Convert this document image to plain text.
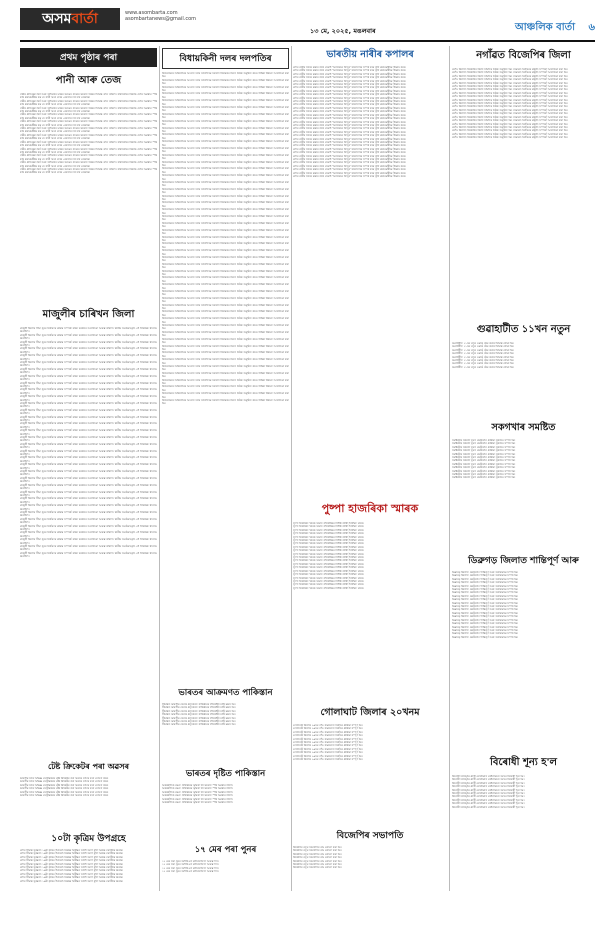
অসমবাৰ্তা	www.asombarta.com
asombartanews@gmail.com
১৩ মে, ২০২৫, মঙলবাৰ	আঞ্চলিক বাৰ্তা ৬
প্ৰথম পৃষ্ঠাৰ পৰা
পানী আৰু তেজ
গভীৰ প্ৰতিৰক্ষা ধৈৰ্য আৰু অহিংসাৰ মাজৰ সংযমৰ পথেৰে ভাৰতে নিজৰ সিদ্ধান্ত গ্ৰহণ কৰিছে। সন্ত্ৰাসবাদৰ বিৰুদ্ধে দেশৰ অৱস্থান স্পষ্ট কৰি প্ৰধানমন্ত্ৰীয়ে কয় যে পানী আৰু তেজ একেলগে বৈ যাব নোৱাৰে।
গভীৰ প্ৰতিৰক্ষা ধৈৰ্য আৰু অহিংসাৰ মাজৰ সংযমৰ পথেৰে ভাৰতে নিজৰ সিদ্ধান্ত গ্ৰহণ কৰিছে। সন্ত্ৰাসবাদৰ বিৰুদ্ধে দেশৰ অৱস্থান স্পষ্ট কৰি প্ৰধানমন্ত্ৰীয়ে কয় যে পানী আৰু তেজ একেলগে বৈ যাব নোৱাৰে।
গভীৰ প্ৰতিৰক্ষা ধৈৰ্য আৰু অহিংসাৰ মাজৰ সংযমৰ পথেৰে ভাৰতে নিজৰ সিদ্ধান্ত গ্ৰহণ কৰিছে। সন্ত্ৰাসবাদৰ বিৰুদ্ধে দেশৰ অৱস্থান স্পষ্ট কৰি প্ৰধানমন্ত্ৰীয়ে কয় যে পানী আৰু তেজ একেলগে বৈ যাব নোৱাৰে।
গভীৰ প্ৰতিৰক্ষা ধৈৰ্য আৰু অহিংসাৰ মাজৰ সংযমৰ পথেৰে ভাৰতে নিজৰ সিদ্ধান্ত গ্ৰহণ কৰিছে। সন্ত্ৰাসবাদৰ বিৰুদ্ধে দেশৰ অৱস্থান স্পষ্ট কৰি প্ৰধানমন্ত্ৰীয়ে কয় যে পানী আৰু তেজ একেলগে বৈ যাব নোৱাৰে।
গভীৰ প্ৰতিৰক্ষা ধৈৰ্য আৰু অহিংসাৰ মাজৰ সংযমৰ পথেৰে ভাৰতে নিজৰ সিদ্ধান্ত গ্ৰহণ কৰিছে। সন্ত্ৰাসবাদৰ বিৰুদ্ধে দেশৰ অৱস্থান স্পষ্ট কৰি প্ৰধানমন্ত্ৰীয়ে কয় যে পানী আৰু তেজ একেলগে বৈ যাব নোৱাৰে।
গভীৰ প্ৰতিৰক্ষা ধৈৰ্য আৰু অহিংসাৰ মাজৰ সংযমৰ পথেৰে ভাৰতে নিজৰ সিদ্ধান্ত গ্ৰহণ কৰিছে। সন্ত্ৰাসবাদৰ বিৰুদ্ধে দেশৰ অৱস্থান স্পষ্ট কৰি প্ৰধানমন্ত্ৰীয়ে কয় যে পানী আৰু তেজ একেলগে বৈ যাব নোৱাৰে।
গভীৰ প্ৰতিৰক্ষা ধৈৰ্য আৰু অহিংসাৰ মাজৰ সংযমৰ পথেৰে ভাৰতে নিজৰ সিদ্ধান্ত গ্ৰহণ কৰিছে। সন্ত্ৰাসবাদৰ বিৰুদ্ধে দেশৰ অৱস্থান স্পষ্ট কৰি প্ৰধানমন্ত্ৰীয়ে কয় যে পানী আৰু তেজ একেলগে বৈ যাব নোৱাৰে।
গভীৰ প্ৰতিৰক্ষা ধৈৰ্য আৰু অহিংসাৰ মাজৰ সংযমৰ পথেৰে ভাৰতে নিজৰ সিদ্ধান্ত গ্ৰহণ কৰিছে। সন্ত্ৰাসবাদৰ বিৰুদ্ধে দেশৰ অৱস্থান স্পষ্ট কৰি প্ৰধানমন্ত্ৰীয়ে কয় যে পানী আৰু তেজ একেলগে বৈ যাব নোৱাৰে।
গভীৰ প্ৰতিৰক্ষা ধৈৰ্য আৰু অহিংসাৰ মাজৰ সংযমৰ পথেৰে ভাৰতে নিজৰ সিদ্ধান্ত গ্ৰহণ কৰিছে। সন্ত্ৰাসবাদৰ বিৰুদ্ধে দেশৰ অৱস্থান স্পষ্ট কৰি প্ৰধানমন্ত্ৰীয়ে কয় যে পানী আৰু তেজ একেলগে বৈ যাব নোৱাৰে।
গভীৰ প্ৰতিৰক্ষা ধৈৰ্য আৰু অহিংসাৰ মাজৰ সংযমৰ পথেৰে ভাৰতে নিজৰ সিদ্ধান্ত গ্ৰহণ কৰিছে। সন্ত্ৰাসবাদৰ বিৰুদ্ধে দেশৰ অৱস্থান স্পষ্ট কৰি প্ৰধানমন্ত্ৰীয়ে কয় যে পানী আৰু তেজ একেলগে বৈ যাব নোৱাৰে।
গভীৰ প্ৰতিৰক্ষা ধৈৰ্য আৰু অহিংসাৰ মাজৰ সংযমৰ পথেৰে ভাৰতে নিজৰ সিদ্ধান্ত গ্ৰহণ কৰিছে। সন্ত্ৰাসবাদৰ বিৰুদ্ধে দেশৰ অৱস্থান স্পষ্ট কৰি প্ৰধানমন্ত্ৰীয়ে কয় যে পানী আৰু তেজ একেলগে বৈ যাব নোৱাৰে।
গভীৰ প্ৰতিৰক্ষা ধৈৰ্য আৰু অহিংসাৰ মাজৰ সংযমৰ পথেৰে ভাৰতে নিজৰ সিদ্ধান্ত গ্ৰহণ কৰিছে। সন্ত্ৰাসবাদৰ বিৰুদ্ধে দেশৰ অৱস্থান স্পষ্ট কৰি প্ৰধানমন্ত্ৰীয়ে কয় যে পানী আৰু তেজ একেলগে বৈ যাব নোৱাৰে।
মাজুলীৰ চাৰিখন জিলা
মাজুলী জিলাৰ সীমা পুনৰ নিৰ্ধাৰণৰ প্ৰস্তাৱ সম্পৰ্কে ৰাজ্য চৰকাৰে আলোচনা আৰম্ভ কৰিছে। স্থানীয় সংগঠনসমূহে এই সিদ্ধান্তক স্বাগতম জনাইছে।
মাজুলী জিলাৰ সীমা পুনৰ নিৰ্ধাৰণৰ প্ৰস্তাৱ সম্পৰ্কে ৰাজ্য চৰকাৰে আলোচনা আৰম্ভ কৰিছে। স্থানীয় সংগঠনসমূহে এই সিদ্ধান্তক স্বাগতম জনাইছে।
মাজুলী জিলাৰ সীমা পুনৰ নিৰ্ধাৰণৰ প্ৰস্তাৱ সম্পৰ্কে ৰাজ্য চৰকাৰে আলোচনা আৰম্ভ কৰিছে। স্থানীয় সংগঠনসমূহে এই সিদ্ধান্তক স্বাগতম জনাইছে।
মাজুলী জিলাৰ সীমা পুনৰ নিৰ্ধাৰণৰ প্ৰস্তাৱ সম্পৰ্কে ৰাজ্য চৰকাৰে আলোচনা আৰম্ভ কৰিছে। স্থানীয় সংগঠনসমূহে এই সিদ্ধান্তক স্বাগতম জনাইছে।
মাজুলী জিলাৰ সীমা পুনৰ নিৰ্ধাৰণৰ প্ৰস্তাৱ সম্পৰ্কে ৰাজ্য চৰকাৰে আলোচনা আৰম্ভ কৰিছে। স্থানীয় সংগঠনসমূহে এই সিদ্ধান্তক স্বাগতম জনাইছে।
মাজুলী জিলাৰ সীমা পুনৰ নিৰ্ধাৰণৰ প্ৰস্তাৱ সম্পৰ্কে ৰাজ্য চৰকাৰে আলোচনা আৰম্ভ কৰিছে। স্থানীয় সংগঠনসমূহে এই সিদ্ধান্তক স্বাগতম জনাইছে।
মাজুলী জিলাৰ সীমা পুনৰ নিৰ্ধাৰণৰ প্ৰস্তাৱ সম্পৰ্কে ৰাজ্য চৰকাৰে আলোচনা আৰম্ভ কৰিছে। স্থানীয় সংগঠনসমূহে এই সিদ্ধান্তক স্বাগতম জনাইছে।
মাজুলী জিলাৰ সীমা পুনৰ নিৰ্ধাৰণৰ প্ৰস্তাৱ সম্পৰ্কে ৰাজ্য চৰকাৰে আলোচনা আৰম্ভ কৰিছে। স্থানীয় সংগঠনসমূহে এই সিদ্ধান্তক স্বাগতম জনাইছে।
মাজুলী জিলাৰ সীমা পুনৰ নিৰ্ধাৰণৰ প্ৰস্তাৱ সম্পৰ্কে ৰাজ্য চৰকাৰে আলোচনা আৰম্ভ কৰিছে। স্থানীয় সংগঠনসমূহে এই সিদ্ধান্তক স্বাগতম জনাইছে।
মাজুলী জিলাৰ সীমা পুনৰ নিৰ্ধাৰণৰ প্ৰস্তাৱ সম্পৰ্কে ৰাজ্য চৰকাৰে আলোচনা আৰম্ভ কৰিছে। স্থানীয় সংগঠনসমূহে এই সিদ্ধান্তক স্বাগতম জনাইছে।
মাজুলী জিলাৰ সীমা পুনৰ নিৰ্ধাৰণৰ প্ৰস্তাৱ সম্পৰ্কে ৰাজ্য চৰকাৰে আলোচনা আৰম্ভ কৰিছে। স্থানীয় সংগঠনসমূহে এই সিদ্ধান্তক স্বাগতম জনাইছে।
মাজুলী জিলাৰ সীমা পুনৰ নিৰ্ধাৰণৰ প্ৰস্তাৱ সম্পৰ্কে ৰাজ্য চৰকাৰে আলোচনা আৰম্ভ কৰিছে। স্থানীয় সংগঠনসমূহে এই সিদ্ধান্তক স্বাগতম জনাইছে।
মাজুলী জিলাৰ সীমা পুনৰ নিৰ্ধাৰণৰ প্ৰস্তাৱ সম্পৰ্কে ৰাজ্য চৰকাৰে আলোচনা আৰম্ভ কৰিছে। স্থানীয় সংগঠনসমূহে এই সিদ্ধান্তক স্বাগতম জনাইছে।
মাজুলী জিলাৰ সীমা পুনৰ নিৰ্ধাৰণৰ প্ৰস্তাৱ সম্পৰ্কে ৰাজ্য চৰকাৰে আলোচনা আৰম্ভ কৰিছে। স্থানীয় সংগঠনসমূহে এই সিদ্ধান্তক স্বাগতম জনাইছে।
মাজুলী জিলাৰ সীমা পুনৰ নিৰ্ধাৰণৰ প্ৰস্তাৱ সম্পৰ্কে ৰাজ্য চৰকাৰে আলোচনা আৰম্ভ কৰিছে। স্থানীয় সংগঠনসমূহে এই সিদ্ধান্তক স্বাগতম জনাইছে।
মাজুলী জিলাৰ সীমা পুনৰ নিৰ্ধাৰণৰ প্ৰস্তাৱ সম্পৰ্কে ৰাজ্য চৰকাৰে আলোচনা আৰম্ভ কৰিছে। স্থানীয় সংগঠনসমূহে এই সিদ্ধান্তক স্বাগতম জনাইছে।
মাজুলী জিলাৰ সীমা পুনৰ নিৰ্ধাৰণৰ প্ৰস্তাৱ সম্পৰ্কে ৰাজ্য চৰকাৰে আলোচনা আৰম্ভ কৰিছে। স্থানীয় সংগঠনসমূহে এই সিদ্ধান্তক স্বাগতম জনাইছে।
মাজুলী জিলাৰ সীমা পুনৰ নিৰ্ধাৰণৰ প্ৰস্তাৱ সম্পৰ্কে ৰাজ্য চৰকাৰে আলোচনা আৰম্ভ কৰিছে। স্থানীয় সংগঠনসমূহে এই সিদ্ধান্তক স্বাগতম জনাইছে।
মাজুলী জিলাৰ সীমা পুনৰ নিৰ্ধাৰণৰ প্ৰস্তাৱ সম্পৰ্কে ৰাজ্য চৰকাৰে আলোচনা আৰম্ভ কৰিছে। স্থানীয় সংগঠনসমূহে এই সিদ্ধান্তক স্বাগতম জনাইছে।
মাজুলী জিলাৰ সীমা পুনৰ নিৰ্ধাৰণৰ প্ৰস্তাৱ সম্পৰ্কে ৰাজ্য চৰকাৰে আলোচনা আৰম্ভ কৰিছে। স্থানীয় সংগঠনসমূহে এই সিদ্ধান্তক স্বাগতম জনাইছে।
মাজুলী জিলাৰ সীমা পুনৰ নিৰ্ধাৰণৰ প্ৰস্তাৱ সম্পৰ্কে ৰাজ্য চৰকাৰে আলোচনা আৰম্ভ কৰিছে। স্থানীয় সংগঠনসমূহে এই সিদ্ধান্তক স্বাগতম জনাইছে।
মাজুলী জিলাৰ সীমা পুনৰ নিৰ্ধাৰণৰ প্ৰস্তাৱ সম্পৰ্কে ৰাজ্য চৰকাৰে আলোচনা আৰম্ভ কৰিছে। স্থানীয় সংগঠনসমূহে এই সিদ্ধান্তক স্বাগতম জনাইছে।
মাজুলী জিলাৰ সীমা পুনৰ নিৰ্ধাৰণৰ প্ৰস্তাৱ সম্পৰ্কে ৰাজ্য চৰকাৰে আলোচনা আৰম্ভ কৰিছে। স্থানীয় সংগঠনসমূহে এই সিদ্ধান্তক স্বাগতম জনাইছে।
মাজুলী জিলাৰ সীমা পুনৰ নিৰ্ধাৰণৰ প্ৰস্তাৱ সম্পৰ্কে ৰাজ্য চৰকাৰে আলোচনা আৰম্ভ কৰিছে। স্থানীয় সংগঠনসমূহে এই সিদ্ধান্তক স্বাগতম জনাইছে।
মাজুলী জিলাৰ সীমা পুনৰ নিৰ্ধাৰণৰ প্ৰস্তাৱ সম্পৰ্কে ৰাজ্য চৰকাৰে আলোচনা আৰম্ভ কৰিছে। স্থানীয় সংগঠনসমূহে এই সিদ্ধান্তক স্বাগতম জনাইছে।
মাজুলী জিলাৰ সীমা পুনৰ নিৰ্ধাৰণৰ প্ৰস্তাৱ সম্পৰ্কে ৰাজ্য চৰকাৰে আলোচনা আৰম্ভ কৰিছে। স্থানীয় সংগঠনসমূহে এই সিদ্ধান্তক স্বাগতম জনাইছে।
মাজুলী জিলাৰ সীমা পুনৰ নিৰ্ধাৰণৰ প্ৰস্তাৱ সম্পৰ্কে ৰাজ্য চৰকাৰে আলোচনা আৰম্ভ কৰিছে। স্থানীয় সংগঠনসমূহে এই সিদ্ধান্তক স্বাগতম জনাইছে।
মাজুলী জিলাৰ সীমা পুনৰ নিৰ্ধাৰণৰ প্ৰস্তাৱ সম্পৰ্কে ৰাজ্য চৰকাৰে আলোচনা আৰম্ভ কৰিছে। স্থানীয় সংগঠনসমূহে এই সিদ্ধান্তক স্বাগতম জনাইছে।
মাজুলী জিলাৰ সীমা পুনৰ নিৰ্ধাৰণৰ প্ৰস্তাৱ সম্পৰ্কে ৰাজ্য চৰকাৰে আলোচনা আৰম্ভ কৰিছে। স্থানীয় সংগঠনসমূহে এই সিদ্ধান্তক স্বাগতম জনাইছে।
মাজুলী জিলাৰ সীমা পুনৰ নিৰ্ধাৰণৰ প্ৰস্তাৱ সম্পৰ্কে ৰাজ্য চৰকাৰে আলোচনা আৰম্ভ কৰিছে। স্থানীয় সংগঠনসমূহে এই সিদ্ধান্তক স্বাগতম জনাইছে।
মাজুলী জিলাৰ সীমা পুনৰ নিৰ্ধাৰণৰ প্ৰস্তাৱ সম্পৰ্কে ৰাজ্য চৰকাৰে আলোচনা আৰম্ভ কৰিছে। স্থানীয় সংগঠনসমূহে এই সিদ্ধান্তক স্বাগতম জনাইছে।
মাজুলী জিলাৰ সীমা পুনৰ নিৰ্ধাৰণৰ প্ৰস্তাৱ সম্পৰ্কে ৰাজ্য চৰকাৰে আলোচনা আৰম্ভ কৰিছে। স্থানীয় সংগঠনসমূহে এই সিদ্ধান্তক স্বাগতম জনাইছে।
মাজুলী জিলাৰ সীমা পুনৰ নিৰ্ধাৰণৰ প্ৰস্তাৱ সম্পৰ্কে ৰাজ্য চৰকাৰে আলোচনা আৰম্ভ কৰিছে। স্থানীয় সংগঠনসমূহে এই সিদ্ধান্তক স্বাগতম জনাইছে।
মাজুলী জিলাৰ সীমা পুনৰ নিৰ্ধাৰণৰ প্ৰস্তাৱ সম্পৰ্কে ৰাজ্য চৰকাৰে আলোচনা আৰম্ভ কৰিছে। স্থানীয় সংগঠনসমূহে এই সিদ্ধান্তক স্বাগতম জনাইছে।
টেষ্ট ক্ৰিকেটৰ পৰা অৱসৰ
ভাৰতীয় দলৰ অভিজ্ঞ খেলুৱৈজনে টেষ্ট ক্ৰিকেটৰ পৰা অৱসৰ গ্ৰহণৰ কথা ঘোষণা কৰে।
ভাৰতীয় দলৰ অভিজ্ঞ খেলুৱৈজনে টেষ্ট ক্ৰিকেটৰ পৰা অৱসৰ গ্ৰহণৰ কথা ঘোষণা কৰে।
ভাৰতীয় দলৰ অভিজ্ঞ খেলুৱৈজনে টেষ্ট ক্ৰিকেটৰ পৰা অৱসৰ গ্ৰহণৰ কথা ঘোষণা কৰে।
ভাৰতীয় দলৰ অভিজ্ঞ খেলুৱৈজনে টেষ্ট ক্ৰিকেটৰ পৰা অৱসৰ গ্ৰহণৰ কথা ঘোষণা কৰে।
ভাৰতীয় দলৰ অভিজ্ঞ খেলুৱৈজনে টেষ্ট ক্ৰিকেটৰ পৰা অৱসৰ গ্ৰহণৰ কথা ঘোষণা কৰে।
ভাৰতীয় দলৰ অভিজ্ঞ খেলুৱৈজনে টেষ্ট ক্ৰিকেটৰ পৰা অৱসৰ গ্ৰহণৰ কথা ঘোষণা কৰে।
১০টা কৃত্ৰিম উপগ্ৰহে
দেশৰ সীমান্ত সুৰক্ষাত ১০টা কৃত্ৰিম উপগ্ৰহে নিৰন্তৰ নিৰীক্ষণ চলাই আছে বুলি অধ্যক্ষ গৰাকীয়ে জনায়।
দেশৰ সীমান্ত সুৰক্ষাত ১০টা কৃত্ৰিম উপগ্ৰহে নিৰন্তৰ নিৰীক্ষণ চলাই আছে বুলি অধ্যক্ষ গৰাকীয়ে জনায়।
দেশৰ সীমান্ত সুৰক্ষাত ১০টা কৃত্ৰিম উপগ্ৰহে নিৰন্তৰ নিৰীক্ষণ চলাই আছে বুলি অধ্যক্ষ গৰাকীয়ে জনায়।
দেশৰ সীমান্ত সুৰক্ষাত ১০টা কৃত্ৰিম উপগ্ৰহে নিৰন্তৰ নিৰীক্ষণ চলাই আছে বুলি অধ্যক্ষ গৰাকীয়ে জনায়।
দেশৰ সীমান্ত সুৰক্ষাত ১০টা কৃত্ৰিম উপগ্ৰহে নিৰন্তৰ নিৰীক্ষণ চলাই আছে বুলি অধ্যক্ষ গৰাকীয়ে জনায়।
দেশৰ সীমান্ত সুৰক্ষাত ১০টা কৃত্ৰিম উপগ্ৰহে নিৰন্তৰ নিৰীক্ষণ চলাই আছে বুলি অধ্যক্ষ গৰাকীয়ে জনায়।
দেশৰ সীমান্ত সুৰক্ষাত ১০টা কৃত্ৰিম উপগ্ৰহে নিৰন্তৰ নিৰীক্ষণ চলাই আছে বুলি অধ্যক্ষ গৰাকীয়ে জনায়।
দেশৰ সীমান্ত সুৰক্ষাত ১০টা কৃত্ৰিম উপগ্ৰহে নিৰন্তৰ নিৰীক্ষণ চলাই আছে বুলি অধ্যক্ষ গৰাকীয়ে জনায়।
দেশৰ সীমান্ত সুৰক্ষাত ১০টা কৃত্ৰিম উপগ্ৰহে নিৰন্তৰ নিৰীক্ষণ চলাই আছে বুলি অধ্যক্ষ গৰাকীয়ে জনায়।
দেশৰ সীমান্ত সুৰক্ষাত ১০টা কৃত্ৰিম উপগ্ৰহে নিৰন্তৰ নিৰীক্ষণ চলাই আছে বুলি অধ্যক্ষ গৰাকীয়ে জনায়।
বিধায়কিনী দলৰ দলপতিৰ
বিধানসভাৰ অধিবেশনৰ আগতে দলৰ দলপতিয়ে সকলো বিধায়কৰ সৈতে বৈঠক অনুষ্ঠিত কৰে। বিভিন্ন বিষয়ত আলোচনা কৰা হয়।
বিধানসভাৰ অধিবেশনৰ আগতে দলৰ দলপতিয়ে সকলো বিধায়কৰ সৈতে বৈঠক অনুষ্ঠিত কৰে। বিভিন্ন বিষয়ত আলোচনা কৰা হয়।
বিধানসভাৰ অধিবেশনৰ আগতে দলৰ দলপতিয়ে সকলো বিধায়কৰ সৈতে বৈঠক অনুষ্ঠিত কৰে। বিভিন্ন বিষয়ত আলোচনা কৰা হয়।
বিধানসভাৰ অধিবেশনৰ আগতে দলৰ দলপতিয়ে সকলো বিধায়কৰ সৈতে বৈঠক অনুষ্ঠিত কৰে। বিভিন্ন বিষয়ত আলোচনা কৰা হয়।
বিধানসভাৰ অধিবেশনৰ আগতে দলৰ দলপতিয়ে সকলো বিধায়কৰ সৈতে বৈঠক অনুষ্ঠিত কৰে। বিভিন্ন বিষয়ত আলোচনা কৰা হয়।
বিধানসভাৰ অধিবেশনৰ আগতে দলৰ দলপতিয়ে সকলো বিধায়কৰ সৈতে বৈঠক অনুষ্ঠিত কৰে। বিভিন্ন বিষয়ত আলোচনা কৰা হয়।
বিধানসভাৰ অধিবেশনৰ আগতে দলৰ দলপতিয়ে সকলো বিধায়কৰ সৈতে বৈঠক অনুষ্ঠিত কৰে। বিভিন্ন বিষয়ত আলোচনা কৰা হয়।
বিধানসভাৰ অধিবেশনৰ আগতে দলৰ দলপতিয়ে সকলো বিধায়কৰ সৈতে বৈঠক অনুষ্ঠিত কৰে। বিভিন্ন বিষয়ত আলোচনা কৰা হয়।
বিধানসভাৰ অধিবেশনৰ আগতে দলৰ দলপতিয়ে সকলো বিধায়কৰ সৈতে বৈঠক অনুষ্ঠিত কৰে। বিভিন্ন বিষয়ত আলোচনা কৰা হয়।
বিধানসভাৰ অধিবেশনৰ আগতে দলৰ দলপতিয়ে সকলো বিধায়কৰ সৈতে বৈঠক অনুষ্ঠিত কৰে। বিভিন্ন বিষয়ত আলোচনা কৰা হয়।
বিধানসভাৰ অধিবেশনৰ আগতে দলৰ দলপতিয়ে সকলো বিধায়কৰ সৈতে বৈঠক অনুষ্ঠিত কৰে। বিভিন্ন বিষয়ত আলোচনা কৰা হয়।
বিধানসভাৰ অধিবেশনৰ আগতে দলৰ দলপতিয়ে সকলো বিধায়কৰ সৈতে বৈঠক অনুষ্ঠিত কৰে। বিভিন্ন বিষয়ত আলোচনা কৰা হয়।
বিধানসভাৰ অধিবেশনৰ আগতে দলৰ দলপতিয়ে সকলো বিধায়কৰ সৈতে বৈঠক অনুষ্ঠিত কৰে। বিভিন্ন বিষয়ত আলোচনা কৰা হয়।
বিধানসভাৰ অধিবেশনৰ আগতে দলৰ দলপতিয়ে সকলো বিধায়কৰ সৈতে বৈঠক অনুষ্ঠিত কৰে। বিভিন্ন বিষয়ত আলোচনা কৰা হয়।
বিধানসভাৰ অধিবেশনৰ আগতে দলৰ দলপতিয়ে সকলো বিধায়কৰ সৈতে বৈঠক অনুষ্ঠিত কৰে। বিভিন্ন বিষয়ত আলোচনা কৰা হয়।
বিধানসভাৰ অধিবেশনৰ আগতে দলৰ দলপতিয়ে সকলো বিধায়কৰ সৈতে বৈঠক অনুষ্ঠিত কৰে। বিভিন্ন বিষয়ত আলোচনা কৰা হয়।
বিধানসভাৰ অধিবেশনৰ আগতে দলৰ দলপতিয়ে সকলো বিধায়কৰ সৈতে বৈঠক অনুষ্ঠিত কৰে। বিভিন্ন বিষয়ত আলোচনা কৰা হয়।
বিধানসভাৰ অধিবেশনৰ আগতে দলৰ দলপতিয়ে সকলো বিধায়কৰ সৈতে বৈঠক অনুষ্ঠিত কৰে। বিভিন্ন বিষয়ত আলোচনা কৰা হয়।
বিধানসভাৰ অধিবেশনৰ আগতে দলৰ দলপতিয়ে সকলো বিধায়কৰ সৈতে বৈঠক অনুষ্ঠিত কৰে। বিভিন্ন বিষয়ত আলোচনা কৰা হয়।
বিধানসভাৰ অধিবেশনৰ আগতে দলৰ দলপতিয়ে সকলো বিধায়কৰ সৈতে বৈঠক অনুষ্ঠিত কৰে। বিভিন্ন বিষয়ত আলোচনা কৰা হয়।
বিধানসভাৰ অধিবেশনৰ আগতে দলৰ দলপতিয়ে সকলো বিধায়কৰ সৈতে বৈঠক অনুষ্ঠিত কৰে। বিভিন্ন বিষয়ত আলোচনা কৰা হয়।
বিধানসভাৰ অধিবেশনৰ আগতে দলৰ দলপতিয়ে সকলো বিধায়কৰ সৈতে বৈঠক অনুষ্ঠিত কৰে। বিভিন্ন বিষয়ত আলোচনা কৰা হয়।
বিধানসভাৰ অধিবেশনৰ আগতে দলৰ দলপতিয়ে সকলো বিধায়কৰ সৈতে বৈঠক অনুষ্ঠিত কৰে। বিভিন্ন বিষয়ত আলোচনা কৰা হয়।
বিধানসভাৰ অধিবেশনৰ আগতে দলৰ দলপতিয়ে সকলো বিধায়কৰ সৈতে বৈঠক অনুষ্ঠিত কৰে। বিভিন্ন বিষয়ত আলোচনা কৰা হয়।
বিধানসভাৰ অধিবেশনৰ আগতে দলৰ দলপতিয়ে সকলো বিধায়কৰ সৈতে বৈঠক অনুষ্ঠিত কৰে। বিভিন্ন বিষয়ত আলোচনা কৰা হয়।
বিধানসভাৰ অধিবেশনৰ আগতে দলৰ দলপতিয়ে সকলো বিধায়কৰ সৈতে বৈঠক অনুষ্ঠিত কৰে। বিভিন্ন বিষয়ত আলোচনা কৰা হয়।
বিধানসভাৰ অধিবেশনৰ আগতে দলৰ দলপতিয়ে সকলো বিধায়কৰ সৈতে বৈঠক অনুষ্ঠিত কৰে। বিভিন্ন বিষয়ত আলোচনা কৰা হয়।
বিধানসভাৰ অধিবেশনৰ আগতে দলৰ দলপতিয়ে সকলো বিধায়কৰ সৈতে বৈঠক অনুষ্ঠিত কৰে। বিভিন্ন বিষয়ত আলোচনা কৰা হয়।
বিধানসভাৰ অধিবেশনৰ আগতে দলৰ দলপতিয়ে সকলো বিধায়কৰ সৈতে বৈঠক অনুষ্ঠিত কৰে। বিভিন্ন বিষয়ত আলোচনা কৰা হয়।
বিধানসভাৰ অধিবেশনৰ আগতে দলৰ দলপতিয়ে সকলো বিধায়কৰ সৈতে বৈঠক অনুষ্ঠিত কৰে। বিভিন্ন বিষয়ত আলোচনা কৰা হয়।
বিধানসভাৰ অধিবেশনৰ আগতে দলৰ দলপতিয়ে সকলো বিধায়কৰ সৈতে বৈঠক অনুষ্ঠিত কৰে। বিভিন্ন বিষয়ত আলোচনা কৰা হয়।
বিধানসভাৰ অধিবেশনৰ আগতে দলৰ দলপতিয়ে সকলো বিধায়কৰ সৈতে বৈঠক অনুষ্ঠিত কৰে। বিভিন্ন বিষয়ত আলোচনা কৰা হয়।
বিধানসভাৰ অধিবেশনৰ আগতে দলৰ দলপতিয়ে সকলো বিধায়কৰ সৈতে বৈঠক অনুষ্ঠিত কৰে। বিভিন্ন বিষয়ত আলোচনা কৰা হয়।
বিধানসভাৰ অধিবেশনৰ আগতে দলৰ দলপতিয়ে সকলো বিধায়কৰ সৈতে বৈঠক অনুষ্ঠিত কৰে। বিভিন্ন বিষয়ত আলোচনা কৰা হয়।
বিধানসভাৰ অধিবেশনৰ আগতে দলৰ দলপতিয়ে সকলো বিধায়কৰ সৈতে বৈঠক অনুষ্ঠিত কৰে। বিভিন্ন বিষয়ত আলোচনা কৰা হয়।
বিধানসভাৰ অধিবেশনৰ আগতে দলৰ দলপতিয়ে সকলো বিধায়কৰ সৈতে বৈঠক অনুষ্ঠিত কৰে। বিভিন্ন বিষয়ত আলোচনা কৰা হয়।
বিধানসভাৰ অধিবেশনৰ আগতে দলৰ দলপতিয়ে সকলো বিধায়কৰ সৈতে বৈঠক অনুষ্ঠিত কৰে। বিভিন্ন বিষয়ত আলোচনা কৰা হয়।
বিধানসভাৰ অধিবেশনৰ আগতে দলৰ দলপতিয়ে সকলো বিধায়কৰ সৈতে বৈঠক অনুষ্ঠিত কৰে। বিভিন্ন বিষয়ত আলোচনা কৰা হয়।
বিধানসভাৰ অধিবেশনৰ আগতে দলৰ দলপতিয়ে সকলো বিধায়কৰ সৈতে বৈঠক অনুষ্ঠিত কৰে। বিভিন্ন বিষয়ত আলোচনা কৰা হয়।
বিধানসভাৰ অধিবেশনৰ আগতে দলৰ দলপতিয়ে সকলো বিধায়কৰ সৈতে বৈঠক অনুষ্ঠিত কৰে। বিভিন্ন বিষয়ত আলোচনা কৰা হয়।
বিধানসভাৰ অধিবেশনৰ আগতে দলৰ দলপতিয়ে সকলো বিধায়কৰ সৈতে বৈঠক অনুষ্ঠিত কৰে। বিভিন্ন বিষয়ত আলোচনা কৰা হয়।
বিধানসভাৰ অধিবেশনৰ আগতে দলৰ দলপতিয়ে সকলো বিধায়কৰ সৈতে বৈঠক অনুষ্ঠিত কৰে। বিভিন্ন বিষয়ত আলোচনা কৰা হয়।
বিধানসভাৰ অধিবেশনৰ আগতে দলৰ দলপতিয়ে সকলো বিধায়কৰ সৈতে বৈঠক অনুষ্ঠিত কৰে। বিভিন্ন বিষয়ত আলোচনা কৰা হয়।
বিধানসভাৰ অধিবেশনৰ আগতে দলৰ দলপতিয়ে সকলো বিধায়কৰ সৈতে বৈঠক অনুষ্ঠিত কৰে। বিভিন্ন বিষয়ত আলোচনা কৰা হয়।
বিধানসভাৰ অধিবেশনৰ আগতে দলৰ দলপতিয়ে সকলো বিধায়কৰ সৈতে বৈঠক অনুষ্ঠিত কৰে। বিভিন্ন বিষয়ত আলোচনা কৰা হয়।
বিধানসভাৰ অধিবেশনৰ আগতে দলৰ দলপতিয়ে সকলো বিধায়কৰ সৈতে বৈঠক অনুষ্ঠিত কৰে। বিভিন্ন বিষয়ত আলোচনা কৰা হয়।
বিধানসভাৰ অধিবেশনৰ আগতে দলৰ দলপতিয়ে সকলো বিধায়কৰ সৈতে বৈঠক অনুষ্ঠিত কৰে। বিভিন্ন বিষয়ত আলোচনা কৰা হয়।
বিধানসভাৰ অধিবেশনৰ আগতে দলৰ দলপতিয়ে সকলো বিধায়কৰ সৈতে বৈঠক অনুষ্ঠিত কৰে। বিভিন্ন বিষয়ত আলোচনা কৰা হয়।
বিধানসভাৰ অধিবেশনৰ আগতে দলৰ দলপতিয়ে সকলো বিধায়কৰ সৈতে বৈঠক অনুষ্ঠিত কৰে। বিভিন্ন বিষয়ত আলোচনা কৰা হয়।
ভাৰতৰ আক্ৰমণত পাকিস্তান
সীমান্তত ভাৰতীয় সেনাৰ প্ৰত্যুত্তৰত পাকিস্তানৰ বহুকেইটা ঘাটি ধ্বংস হয়।
সীমান্তত ভাৰতীয় সেনাৰ প্ৰত্যুত্তৰত পাকিস্তানৰ বহুকেইটা ঘাটি ধ্বংস হয়।
সীমান্তত ভাৰতীয় সেনাৰ প্ৰত্যুত্তৰত পাকিস্তানৰ বহুকেইটা ঘাটি ধ্বংস হয়।
সীমান্তত ভাৰতীয় সেনাৰ প্ৰত্যুত্তৰত পাকিস্তানৰ বহুকেইটা ঘাটি ধ্বংস হয়।
সীমান্তত ভাৰতীয় সেনাৰ প্ৰত্যুত্তৰত পাকিস্তানৰ বহুকেইটা ঘাটি ধ্বংস হয়।
সীমান্তত ভাৰতীয় সেনাৰ প্ৰত্যুত্তৰত পাকিস্তানৰ বহুকেইটা ঘাটি ধ্বংস হয়।
সীমান্তত ভাৰতীয় সেনাৰ প্ৰত্যুত্তৰত পাকিস্তানৰ বহুকেইটা ঘাটি ধ্বংস হয়।
ভাৰতৰ দৃষ্টিত পাকিস্তান
আন্তৰ্জাতিক মঞ্চত পাকিস্তানৰ ভূমিকা লৈ ভাৰতে স্পষ্ট অৱস্থান লৈছে।
আন্তৰ্জাতিক মঞ্চত পাকিস্তানৰ ভূমিকা লৈ ভাৰতে স্পষ্ট অৱস্থান লৈছে।
আন্তৰ্জাতিক মঞ্চত পাকিস্তানৰ ভূমিকা লৈ ভাৰতে স্পষ্ট অৱস্থান লৈছে।
আন্তৰ্জাতিক মঞ্চত পাকিস্তানৰ ভূমিকা লৈ ভাৰতে স্পষ্ট অৱস্থান লৈছে।
আন্তৰ্জাতিক মঞ্চত পাকিস্তানৰ ভূমিকা লৈ ভাৰতে স্পষ্ট অৱস্থান লৈছে।
আন্তৰ্জাতিক মঞ্চত পাকিস্তানৰ ভূমিকা লৈ ভাৰতে স্পষ্ট অৱস্থান লৈছে।
১৭ মেৰ পৰা পুনৰ
১৭ মেৰ পৰা পুনৰ আইপিএল প্ৰতিযোগিতা আৰম্ভ হ'ব।
১৭ মেৰ পৰা পুনৰ আইপিএল প্ৰতিযোগিতা আৰম্ভ হ'ব।
১৭ মেৰ পৰা পুনৰ আইপিএল প্ৰতিযোগিতা আৰম্ভ হ'ব।
১৭ মেৰ পৰা পুনৰ আইপিএল প্ৰতিযোগিতা আৰম্ভ হ'ব।
ভাৰতীয় নাৰীৰ কপালৰ
দেশৰ নাৰীৰ সন্মান ৰক্ষাৰ বাবে সেনাই 'অপাৰেচন সিন্দুৰ' সফলতাৰে সম্পন্ন কৰে বুলি প্ৰধানমন্ত্ৰীয়ে উল্লেখ কৰে।
দেশৰ নাৰীৰ সন্মান ৰক্ষাৰ বাবে সেনাই 'অপাৰেচন সিন্দুৰ' সফলতাৰে সম্পন্ন কৰে বুলি প্ৰধানমন্ত্ৰীয়ে উল্লেখ কৰে।
দেশৰ নাৰীৰ সন্মান ৰক্ষাৰ বাবে সেনাই 'অপাৰেচন সিন্দুৰ' সফলতাৰে সম্পন্ন কৰে বুলি প্ৰধানমন্ত্ৰীয়ে উল্লেখ কৰে।
দেশৰ নাৰীৰ সন্মান ৰক্ষাৰ বাবে সেনাই 'অপাৰেচন সিন্দুৰ' সফলতাৰে সম্পন্ন কৰে বুলি প্ৰধানমন্ত্ৰীয়ে উল্লেখ কৰে।
দেশৰ নাৰীৰ সন্মান ৰক্ষাৰ বাবে সেনাই 'অপাৰেচন সিন্দুৰ' সফলতাৰে সম্পন্ন কৰে বুলি প্ৰধানমন্ত্ৰীয়ে উল্লেখ কৰে।
দেশৰ নাৰীৰ সন্মান ৰক্ষাৰ বাবে সেনাই 'অপাৰেচন সিন্দুৰ' সফলতাৰে সম্পন্ন কৰে বুলি প্ৰধানমন্ত্ৰীয়ে উল্লেখ কৰে।
দেশৰ নাৰীৰ সন্মান ৰক্ষাৰ বাবে সেনাই 'অপাৰেচন সিন্দুৰ' সফলতাৰে সম্পন্ন কৰে বুলি প্ৰধানমন্ত্ৰীয়ে উল্লেখ কৰে।
দেশৰ নাৰীৰ সন্মান ৰক্ষাৰ বাবে সেনাই 'অপাৰেচন সিন্দুৰ' সফলতাৰে সম্পন্ন কৰে বুলি প্ৰধানমন্ত্ৰীয়ে উল্লেখ কৰে।
দেশৰ নাৰীৰ সন্মান ৰক্ষাৰ বাবে সেনাই 'অপাৰেচন সিন্দুৰ' সফলতাৰে সম্পন্ন কৰে বুলি প্ৰধানমন্ত্ৰীয়ে উল্লেখ কৰে।
দেশৰ নাৰীৰ সন্মান ৰক্ষাৰ বাবে সেনাই 'অপাৰেচন সিন্দুৰ' সফলতাৰে সম্পন্ন কৰে বুলি প্ৰধানমন্ত্ৰীয়ে উল্লেখ কৰে।
দেশৰ নাৰীৰ সন্মান ৰক্ষাৰ বাবে সেনাই 'অপাৰেচন সিন্দুৰ' সফলতাৰে সম্পন্ন কৰে বুলি প্ৰধানমন্ত্ৰীয়ে উল্লেখ কৰে।
দেশৰ নাৰীৰ সন্মান ৰক্ষাৰ বাবে সেনাই 'অপাৰেচন সিন্দুৰ' সফলতাৰে সম্পন্ন কৰে বুলি প্ৰধানমন্ত্ৰীয়ে উল্লেখ কৰে।
দেশৰ নাৰীৰ সন্মান ৰক্ষাৰ বাবে সেনাই 'অপাৰেচন সিন্দুৰ' সফলতাৰে সম্পন্ন কৰে বুলি প্ৰধানমন্ত্ৰীয়ে উল্লেখ কৰে।
দেশৰ নাৰীৰ সন্মান ৰক্ষাৰ বাবে সেনাই 'অপাৰেচন সিন্দুৰ' সফলতাৰে সম্পন্ন কৰে বুলি প্ৰধানমন্ত্ৰীয়ে উল্লেখ কৰে।
দেশৰ নাৰীৰ সন্মান ৰক্ষাৰ বাবে সেনাই 'অপাৰেচন সিন্দুৰ' সফলতাৰে সম্পন্ন কৰে বুলি প্ৰধানমন্ত্ৰীয়ে উল্লেখ কৰে।
দেশৰ নাৰীৰ সন্মান ৰক্ষাৰ বাবে সেনাই 'অপাৰেচন সিন্দুৰ' সফলতাৰে সম্পন্ন কৰে বুলি প্ৰধানমন্ত্ৰীয়ে উল্লেখ কৰে।
দেশৰ নাৰীৰ সন্মান ৰক্ষাৰ বাবে সেনাই 'অপাৰেচন সিন্দুৰ' সফলতাৰে সম্পন্ন কৰে বুলি প্ৰধানমন্ত্ৰীয়ে উল্লেখ কৰে।
দেশৰ নাৰীৰ সন্মান ৰক্ষাৰ বাবে সেনাই 'অপাৰেচন সিন্দুৰ' সফলতাৰে সম্পন্ন কৰে বুলি প্ৰধানমন্ত্ৰীয়ে উল্লেখ কৰে।
দেশৰ নাৰীৰ সন্মান ৰক্ষাৰ বাবে সেনাই 'অপাৰেচন সিন্দুৰ' সফলতাৰে সম্পন্ন কৰে বুলি প্ৰধানমন্ত্ৰীয়ে উল্লেখ কৰে।
দেশৰ নাৰীৰ সন্মান ৰক্ষাৰ বাবে সেনাই 'অপাৰেচন সিন্দুৰ' সফলতাৰে সম্পন্ন কৰে বুলি প্ৰধানমন্ত্ৰীয়ে উল্লেখ কৰে।
দেশৰ নাৰীৰ সন্মান ৰক্ষাৰ বাবে সেনাই 'অপাৰেচন সিন্দুৰ' সফলতাৰে সম্পন্ন কৰে বুলি প্ৰধানমন্ত্ৰীয়ে উল্লেখ কৰে।
দেশৰ নাৰীৰ সন্মান ৰক্ষাৰ বাবে সেনাই 'অপাৰেচন সিন্দুৰ' সফলতাৰে সম্পন্ন কৰে বুলি প্ৰধানমন্ত্ৰীয়ে উল্লেখ কৰে।
দেশৰ নাৰীৰ সন্মান ৰক্ষাৰ বাবে সেনাই 'অপাৰেচন সিন্দুৰ' সফলতাৰে সম্পন্ন কৰে বুলি প্ৰধানমন্ত্ৰীয়ে উল্লেখ কৰে।
দেশৰ নাৰীৰ সন্মান ৰক্ষাৰ বাবে সেনাই 'অপাৰেচন সিন্দুৰ' সফলতাৰে সম্পন্ন কৰে বুলি প্ৰধানমন্ত্ৰীয়ে উল্লেখ কৰে।
দেশৰ নাৰীৰ সন্মান ৰক্ষাৰ বাবে সেনাই 'অপাৰেচন সিন্দুৰ' সফলতাৰে সম্পন্ন কৰে বুলি প্ৰধানমন্ত্ৰীয়ে উল্লেখ কৰে।
দেশৰ নাৰীৰ সন্মান ৰক্ষাৰ বাবে সেনাই 'অপাৰেচন সিন্দুৰ' সফলতাৰে সম্পন্ন কৰে বুলি প্ৰধানমন্ত্ৰীয়ে উল্লেখ কৰে।
দেশৰ নাৰীৰ সন্মান ৰক্ষাৰ বাবে সেনাই 'অপাৰেচন সিন্দুৰ' সফলতাৰে সম্পন্ন কৰে বুলি প্ৰধানমন্ত্ৰীয়ে উল্লেখ কৰে।
দেশৰ নাৰীৰ সন্মান ৰক্ষাৰ বাবে সেনাই 'অপাৰেচন সিন্দুৰ' সফলতাৰে সম্পন্ন কৰে বুলি প্ৰধানমন্ত্ৰীয়ে উল্লেখ কৰে।
দেশৰ নাৰীৰ সন্মান ৰক্ষাৰ বাবে সেনাই 'অপাৰেচন সিন্দুৰ' সফলতাৰে সম্পন্ন কৰে বুলি প্ৰধানমন্ত্ৰীয়ে উল্লেখ কৰে।
দেশৰ নাৰীৰ সন্মান ৰক্ষাৰ বাবে সেনাই 'অপাৰেচন সিন্দুৰ' সফলতাৰে সম্পন্ন কৰে বুলি প্ৰধানমন্ত্ৰীয়ে উল্লেখ কৰে।
দেশৰ নাৰীৰ সন্মান ৰক্ষাৰ বাবে সেনাই 'অপাৰেচন সিন্দুৰ' সফলতাৰে সম্পন্ন কৰে বুলি প্ৰধানমন্ত্ৰীয়ে উল্লেখ কৰে।
দেশৰ নাৰীৰ সন্মান ৰক্ষাৰ বাবে সেনাই 'অপাৰেচন সিন্দুৰ' সফলতাৰে সম্পন্ন কৰে বুলি প্ৰধানমন্ত্ৰীয়ে উল্লেখ কৰে।
দেশৰ নাৰীৰ সন্মান ৰক্ষাৰ বাবে সেনাই 'অপাৰেচন সিন্দুৰ' সফলতাৰে সম্পন্ন কৰে বুলি প্ৰধানমন্ত্ৰীয়ে উল্লেখ কৰে।
পুষ্পা হাজৰিকা স্মাৰক
পুষ্পা হাজৰিকা স্মাৰক সভাত বহুকেইজন বিশিষ্ট ব্যক্তি উপস্থিত থাকে।
পুষ্পা হাজৰিকা স্মাৰক সভাত বহুকেইজন বিশিষ্ট ব্যক্তি উপস্থিত থাকে।
পুষ্পা হাজৰিকা স্মাৰক সভাত বহুকেইজন বিশিষ্ট ব্যক্তি উপস্থিত থাকে।
পুষ্পা হাজৰিকা স্মাৰক সভাত বহুকেইজন বিশিষ্ট ব্যক্তি উপস্থিত থাকে।
পুষ্পা হাজৰিকা স্মাৰক সভাত বহুকেইজন বিশিষ্ট ব্যক্তি উপস্থিত থাকে।
পুষ্পা হাজৰিকা স্মাৰক সভাত বহুকেইজন বিশিষ্ট ব্যক্তি উপস্থিত থাকে।
পুষ্পা হাজৰিকা স্মাৰক সভাত বহুকেইজন বিশিষ্ট ব্যক্তি উপস্থিত থাকে।
পুষ্পা হাজৰিকা স্মাৰক সভাত বহুকেইজন বিশিষ্ট ব্যক্তি উপস্থিত থাকে।
পুষ্পা হাজৰিকা স্মাৰক সভাত বহুকেইজন বিশিষ্ট ব্যক্তি উপস্থিত থাকে।
পুষ্পা হাজৰিকা স্মাৰক সভাত বহুকেইজন বিশিষ্ট ব্যক্তি উপস্থিত থাকে।
পুষ্পা হাজৰিকা স্মাৰক সভাত বহুকেইজন বিশিষ্ট ব্যক্তি উপস্থিত থাকে।
পুষ্পা হাজৰিকা স্মাৰক সভাত বহুকেইজন বিশিষ্ট ব্যক্তি উপস্থিত থাকে।
পুষ্পা হাজৰিকা স্মাৰক সভাত বহুকেইজন বিশিষ্ট ব্যক্তি উপস্থিত থাকে।
পুষ্পা হাজৰিকা স্মাৰক সভাত বহুকেইজন বিশিষ্ট ব্যক্তি উপস্থিত থাকে।
পুষ্পা হাজৰিকা স্মাৰক সভাত বহুকেইজন বিশিষ্ট ব্যক্তি উপস্থিত থাকে।
পুষ্পা হাজৰিকা স্মাৰক সভাত বহুকেইজন বিশিষ্ট ব্যক্তি উপস্থিত থাকে।
পুষ্পা হাজৰিকা স্মাৰক সভাত বহুকেইজন বিশিষ্ট ব্যক্তি উপস্থিত থাকে।
পুষ্পা হাজৰিকা স্মাৰক সভাত বহুকেইজন বিশিষ্ট ব্যক্তি উপস্থিত থাকে।
পুষ্পা হাজৰিকা স্মাৰক সভাত বহুকেইজন বিশিষ্ট ব্যক্তি উপস্থিত থাকে।
পুষ্পা হাজৰিকা স্মাৰক সভাত বহুকেইজন বিশিষ্ট ব্যক্তি উপস্থিত থাকে।
গোলাঘাট জিলাৰ ২০খনম
গোলাঘাট জিলাৰ ২০খন গাঁও পঞ্চায়তত নিৰ্বাচন প্ৰক্ৰিয়া সম্পূৰ্ণ হয়।
গোলাঘাট জিলাৰ ২০খন গাঁও পঞ্চায়তত নিৰ্বাচন প্ৰক্ৰিয়া সম্পূৰ্ণ হয়।
গোলাঘাট জিলাৰ ২০খন গাঁও পঞ্চায়তত নিৰ্বাচন প্ৰক্ৰিয়া সম্পূৰ্ণ হয়।
গোলাঘাট জিলাৰ ২০খন গাঁও পঞ্চায়তত নিৰ্বাচন প্ৰক্ৰিয়া সম্পূৰ্ণ হয়।
গোলাঘাট জিলাৰ ২০খন গাঁও পঞ্চায়তত নিৰ্বাচন প্ৰক্ৰিয়া সম্পূৰ্ণ হয়।
গোলাঘাট জিলাৰ ২০খন গাঁও পঞ্চায়তত নিৰ্বাচন প্ৰক্ৰিয়া সম্পূৰ্ণ হয়।
গোলাঘাট জিলাৰ ২০খন গাঁও পঞ্চায়তত নিৰ্বাচন প্ৰক্ৰিয়া সম্পূৰ্ণ হয়।
গোলাঘাট জিলাৰ ২০খন গাঁও পঞ্চায়তত নিৰ্বাচন প্ৰক্ৰিয়া সম্পূৰ্ণ হয়।
গোলাঘাট জিলাৰ ২০খন গাঁও পঞ্চায়তত নিৰ্বাচন প্ৰক্ৰিয়া সম্পূৰ্ণ হয়।
গোলাঘাট জিলাৰ ২০খন গাঁও পঞ্চায়তত নিৰ্বাচন প্ৰক্ৰিয়া সম্পূৰ্ণ হয়।
গোলাঘাট জিলাৰ ২০খন গাঁও পঞ্চায়তত নিৰ্বাচন প্ৰক্ৰিয়া সম্পূৰ্ণ হয়।
বিজেপিৰ সভাপতি
বিজেপিৰ নতুন সভাপতিৰ নাম ঘোষণা কৰা হয়।
বিজেপিৰ নতুন সভাপতিৰ নাম ঘোষণা কৰা হয়।
বিজেপিৰ নতুন সভাপতিৰ নাম ঘোষণা কৰা হয়।
বিজেপিৰ নতুন সভাপতিৰ নাম ঘোষণা কৰা হয়।
বিজেপিৰ নতুন সভাপতিৰ নাম ঘোষণা কৰা হয়।
বিজেপিৰ নতুন সভাপতিৰ নাম ঘোষণা কৰা হয়।
বিজেপিৰ নতুন সভাপতিৰ নাম ঘোষণা কৰা হয়।
নগাঁৱত বিজেপিৰ জিলা
নগাঁও জিলাত বিজেপিৰ জিলা সমিতিৰ বৈঠক অনুষ্ঠিত হয়। পঞ্চায়ত নিৰ্বাচনৰ প্ৰস্তুতি সম্পৰ্কে আলোচনা কৰা হয়।
নগাঁও জিলাত বিজেপিৰ জিলা সমিতিৰ বৈঠক অনুষ্ঠিত হয়। পঞ্চায়ত নিৰ্বাচনৰ প্ৰস্তুতি সম্পৰ্কে আলোচনা কৰা হয়।
নগাঁও জিলাত বিজেপিৰ জিলা সমিতিৰ বৈঠক অনুষ্ঠিত হয়। পঞ্চায়ত নিৰ্বাচনৰ প্ৰস্তুতি সম্পৰ্কে আলোচনা কৰা হয়।
নগাঁও জিলাত বিজেপিৰ জিলা সমিতিৰ বৈঠক অনুষ্ঠিত হয়। পঞ্চায়ত নিৰ্বাচনৰ প্ৰস্তুতি সম্পৰ্কে আলোচনা কৰা হয়।
নগাঁও জিলাত বিজেপিৰ জিলা সমিতিৰ বৈঠক অনুষ্ঠিত হয়। পঞ্চায়ত নিৰ্বাচনৰ প্ৰস্তুতি সম্পৰ্কে আলোচনা কৰা হয়।
নগাঁও জিলাত বিজেপিৰ জিলা সমিতিৰ বৈঠক অনুষ্ঠিত হয়। পঞ্চায়ত নিৰ্বাচনৰ প্ৰস্তুতি সম্পৰ্কে আলোচনা কৰা হয়।
নগাঁও জিলাত বিজেপিৰ জিলা সমিতিৰ বৈঠক অনুষ্ঠিত হয়। পঞ্চায়ত নিৰ্বাচনৰ প্ৰস্তুতি সম্পৰ্কে আলোচনা কৰা হয়।
নগাঁও জিলাত বিজেপিৰ জিলা সমিতিৰ বৈঠক অনুষ্ঠিত হয়। পঞ্চায়ত নিৰ্বাচনৰ প্ৰস্তুতি সম্পৰ্কে আলোচনা কৰা হয়।
নগাঁও জিলাত বিজেপিৰ জিলা সমিতিৰ বৈঠক অনুষ্ঠিত হয়। পঞ্চায়ত নিৰ্বাচনৰ প্ৰস্তুতি সম্পৰ্কে আলোচনা কৰা হয়।
নগাঁও জিলাত বিজেপিৰ জিলা সমিতিৰ বৈঠক অনুষ্ঠিত হয়। পঞ্চায়ত নিৰ্বাচনৰ প্ৰস্তুতি সম্পৰ্কে আলোচনা কৰা হয়।
নগাঁও জিলাত বিজেপিৰ জিলা সমিতিৰ বৈঠক অনুষ্ঠিত হয়। পঞ্চায়ত নিৰ্বাচনৰ প্ৰস্তুতি সম্পৰ্কে আলোচনা কৰা হয়।
নগাঁও জিলাত বিজেপিৰ জিলা সমিতিৰ বৈঠক অনুষ্ঠিত হয়। পঞ্চায়ত নিৰ্বাচনৰ প্ৰস্তুতি সম্পৰ্কে আলোচনা কৰা হয়।
নগাঁও জিলাত বিজেপিৰ জিলা সমিতিৰ বৈঠক অনুষ্ঠিত হয়। পঞ্চায়ত নিৰ্বাচনৰ প্ৰস্তুতি সম্পৰ্কে আলোচনা কৰা হয়।
নগাঁও জিলাত বিজেপিৰ জিলা সমিতিৰ বৈঠক অনুষ্ঠিত হয়। পঞ্চায়ত নিৰ্বাচনৰ প্ৰস্তুতি সম্পৰ্কে আলোচনা কৰা হয়।
নগাঁও জিলাত বিজেপিৰ জিলা সমিতিৰ বৈঠক অনুষ্ঠিত হয়। পঞ্চায়ত নিৰ্বাচনৰ প্ৰস্তুতি সম্পৰ্কে আলোচনা কৰা হয়।
নগাঁও জিলাত বিজেপিৰ জিলা সমিতিৰ বৈঠক অনুষ্ঠিত হয়। পঞ্চায়ত নিৰ্বাচনৰ প্ৰস্তুতি সম্পৰ্কে আলোচনা কৰা হয়।
নগাঁও জিলাত বিজেপিৰ জিলা সমিতিৰ বৈঠক অনুষ্ঠিত হয়। পঞ্চায়ত নিৰ্বাচনৰ প্ৰস্তুতি সম্পৰ্কে আলোচনা কৰা হয়।
নগাঁও জিলাত বিজেপিৰ জিলা সমিতিৰ বৈঠক অনুষ্ঠিত হয়। পঞ্চায়ত নিৰ্বাচনৰ প্ৰস্তুতি সম্পৰ্কে আলোচনা কৰা হয়।
নগাঁও জিলাত বিজেপিৰ জিলা সমিতিৰ বৈঠক অনুষ্ঠিত হয়। পঞ্চায়ত নিৰ্বাচনৰ প্ৰস্তুতি সম্পৰ্কে আলোচনা কৰা হয়।
নগাঁও জিলাত বিজেপিৰ জিলা সমিতিৰ বৈঠক অনুষ্ঠিত হয়। পঞ্চায়ত নিৰ্বাচনৰ প্ৰস্তুতি সম্পৰ্কে আলোচনা কৰা হয়।
নগাঁও জিলাত বিজেপিৰ জিলা সমিতিৰ বৈঠক অনুষ্ঠিত হয়। পঞ্চায়ত নিৰ্বাচনৰ প্ৰস্তুতি সম্পৰ্কে আলোচনা কৰা হয়।
গুৱাহাটীত ১১খন নতুন
গুৱাহাটীত ১১খন নতুন ওৱাৰ্ড গঠন কৰাৰ সিদ্ধান্ত লোৱা হয়।
গুৱাহাটীত ১১খন নতুন ওৱাৰ্ড গঠন কৰাৰ সিদ্ধান্ত লোৱা হয়।
গুৱাহাটীত ১১খন নতুন ওৱাৰ্ড গঠন কৰাৰ সিদ্ধান্ত লোৱা হয়।
গুৱাহাটীত ১১খন নতুন ওৱাৰ্ড গঠন কৰাৰ সিদ্ধান্ত লোৱা হয়।
গুৱাহাটীত ১১খন নতুন ওৱাৰ্ড গঠন কৰাৰ সিদ্ধান্ত লোৱা হয়।
গুৱাহাটীত ১১খন নতুন ওৱাৰ্ড গঠন কৰাৰ সিদ্ধান্ত লোৱা হয়।
গুৱাহাটীত ১১খন নতুন ওৱাৰ্ড গঠন কৰাৰ সিদ্ধান্ত লোৱা হয়।
গুৱাহাটীত ১১খন নতুন ওৱাৰ্ড গঠন কৰাৰ সিদ্ধান্ত লোৱা হয়।
সকগখাৰ সমষ্টিত
সমষ্টিটোৰ সকলো বুথত ভোটগ্ৰহণ প্ৰক্ৰিয়া সুকলমে সম্পন্ন হয়।
সমষ্টিটোৰ সকলো বুথত ভোটগ্ৰহণ প্ৰক্ৰিয়া সুকলমে সম্পন্ন হয়।
সমষ্টিটোৰ সকলো বুথত ভোটগ্ৰহণ প্ৰক্ৰিয়া সুকলমে সম্পন্ন হয়।
সমষ্টিটোৰ সকলো বুথত ভোটগ্ৰহণ প্ৰক্ৰিয়া সুকলমে সম্পন্ন হয়।
সমষ্টিটোৰ সকলো বুথত ভোটগ্ৰহণ প্ৰক্ৰিয়া সুকলমে সম্পন্ন হয়।
সমষ্টিটোৰ সকলো বুথত ভোটগ্ৰহণ প্ৰক্ৰিয়া সুকলমে সম্পন্ন হয়।
সমষ্টিটোৰ সকলো বুথত ভোটগ্ৰহণ প্ৰক্ৰিয়া সুকলমে সম্পন্ন হয়।
সমষ্টিটোৰ সকলো বুথত ভোটগ্ৰহণ প্ৰক্ৰিয়া সুকলমে সম্পন্ন হয়।
সমষ্টিটোৰ সকলো বুথত ভোটগ্ৰহণ প্ৰক্ৰিয়া সুকলমে সম্পন্ন হয়।
সমষ্টিটোৰ সকলো বুথত ভোটগ্ৰহণ প্ৰক্ৰিয়া সুকলমে সম্পন্ন হয়।
সমষ্টিটোৰ সকলো বুথত ভোটগ্ৰহণ প্ৰক্ৰিয়া সুকলমে সম্পন্ন হয়।
সমষ্টিটোৰ সকলো বুথত ভোটগ্ৰহণ প্ৰক্ৰিয়া সুকলমে সম্পন্ন হয়।
ডিব্ৰুগড় জিলাত শান্তিপূৰ্ণ আৰু
ডিব্ৰুগড় জিলাত ভোটগ্ৰহণ শান্তিপূৰ্ণ আৰু অবাধভাৱে সম্পন্ন হয়।
ডিব্ৰুগড় জিলাত ভোটগ্ৰহণ শান্তিপূৰ্ণ আৰু অবাধভাৱে সম্পন্ন হয়।
ডিব্ৰুগড় জিলাত ভোটগ্ৰহণ শান্তিপূৰ্ণ আৰু অবাধভাৱে সম্পন্ন হয়।
ডিব্ৰুগড় জিলাত ভোটগ্ৰহণ শান্তিপূৰ্ণ আৰু অবাধভাৱে সম্পন্ন হয়।
ডিব্ৰুগড় জিলাত ভোটগ্ৰহণ শান্তিপূৰ্ণ আৰু অবাধভাৱে সম্পন্ন হয়।
ডিব্ৰুগড় জিলাত ভোটগ্ৰহণ শান্তিপূৰ্ণ আৰু অবাধভাৱে সম্পন্ন হয়।
ডিব্ৰুগড় জিলাত ভোটগ্ৰহণ শান্তিপূৰ্ণ আৰু অবাধভাৱে সম্পন্ন হয়।
ডিব্ৰুগড় জিলাত ভোটগ্ৰহণ শান্তিপূৰ্ণ আৰু অবাধভাৱে সম্পন্ন হয়।
ডিব্ৰুগড় জিলাত ভোটগ্ৰহণ শান্তিপূৰ্ণ আৰু অবাধভাৱে সম্পন্ন হয়।
ডিব্ৰুগড় জিলাত ভোটগ্ৰহণ শান্তিপূৰ্ণ আৰু অবাধভাৱে সম্পন্ন হয়।
ডিব্ৰুগড় জিলাত ভোটগ্ৰহণ শান্তিপূৰ্ণ আৰু অবাধভাৱে সম্পন্ন হয়।
ডিব্ৰুগড় জিলাত ভোটগ্ৰহণ শান্তিপূৰ্ণ আৰু অবাধভাৱে সম্পন্ন হয়।
ডিব্ৰুগড় জিলাত ভোটগ্ৰহণ শান্তিপূৰ্ণ আৰু অবাধভাৱে সম্পন্ন হয়।
ডিব্ৰুগড় জিলাত ভোটগ্ৰহণ শান্তিপূৰ্ণ আৰু অবাধভাৱে সম্পন্ন হয়।
ডিব্ৰুগড় জিলাত ভোটগ্ৰহণ শান্তিপূৰ্ণ আৰু অবাধভাৱে সম্পন্ন হয়।
ডিব্ৰুগড় জিলাত ভোটগ্ৰহণ শান্তিপূৰ্ণ আৰু অবাধভাৱে সম্পন্ন হয়।
ডিব্ৰুগড় জিলাত ভোটগ্ৰহণ শান্তিপূৰ্ণ আৰু অবাধভাৱে সম্পন্ন হয়।
ডিব্ৰুগড় জিলাত ভোটগ্ৰহণ শান্তিপূৰ্ণ আৰু অবাধভাৱে সম্পন্ন হয়।
ডিব্ৰুগড় জিলাত ভোটগ্ৰহণ শান্তিপূৰ্ণ আৰু অবাধভাৱে সম্পন্ন হয়।
ডিব্ৰুগড় জিলাত ভোটগ্ৰহণ শান্তিপূৰ্ণ আৰু অবাধভাৱে সম্পন্ন হয়।
বিৰোধী শূন্য হ'ল
বিৰোধী দলসমূহৰ প্ৰাৰ্থী নোহোৱাত কেইবাখনো আসন বিৰোধী শূন্য হয়।
বিৰোধী দলসমূহৰ প্ৰাৰ্থী নোহোৱাত কেইবাখনো আসন বিৰোধী শূন্য হয়।
বিৰোধী দলসমূহৰ প্ৰাৰ্থী নোহোৱাত কেইবাখনো আসন বিৰোধী শূন্য হয়।
বিৰোধী দলসমূহৰ প্ৰাৰ্থী নোহোৱাত কেইবাখনো আসন বিৰোধী শূন্য হয়।
বিৰোধী দলসমূহৰ প্ৰাৰ্থী নোহোৱাত কেইবাখনো আসন বিৰোধী শূন্য হয়।
বিৰোধী দলসমূহৰ প্ৰাৰ্থী নোহোৱাত কেইবাখনো আসন বিৰোধী শূন্য হয়।
বিৰোধী দলসমূহৰ প্ৰাৰ্থী নোহোৱাত কেইবাখনো আসন বিৰোধী শূন্য হয়।
বিৰোধী দলসমূহৰ প্ৰাৰ্থী নোহোৱাত কেইবাখনো আসন বিৰোধী শূন্য হয়।
বিৰোধী দলসমূহৰ প্ৰাৰ্থী নোহোৱাত কেইবাখনো আসন বিৰোধী শূন্য হয়।
বিৰোধী দলসমূহৰ প্ৰাৰ্থী নোহোৱাত কেইবাখনো আসন বিৰোধী শূন্য হয়।
